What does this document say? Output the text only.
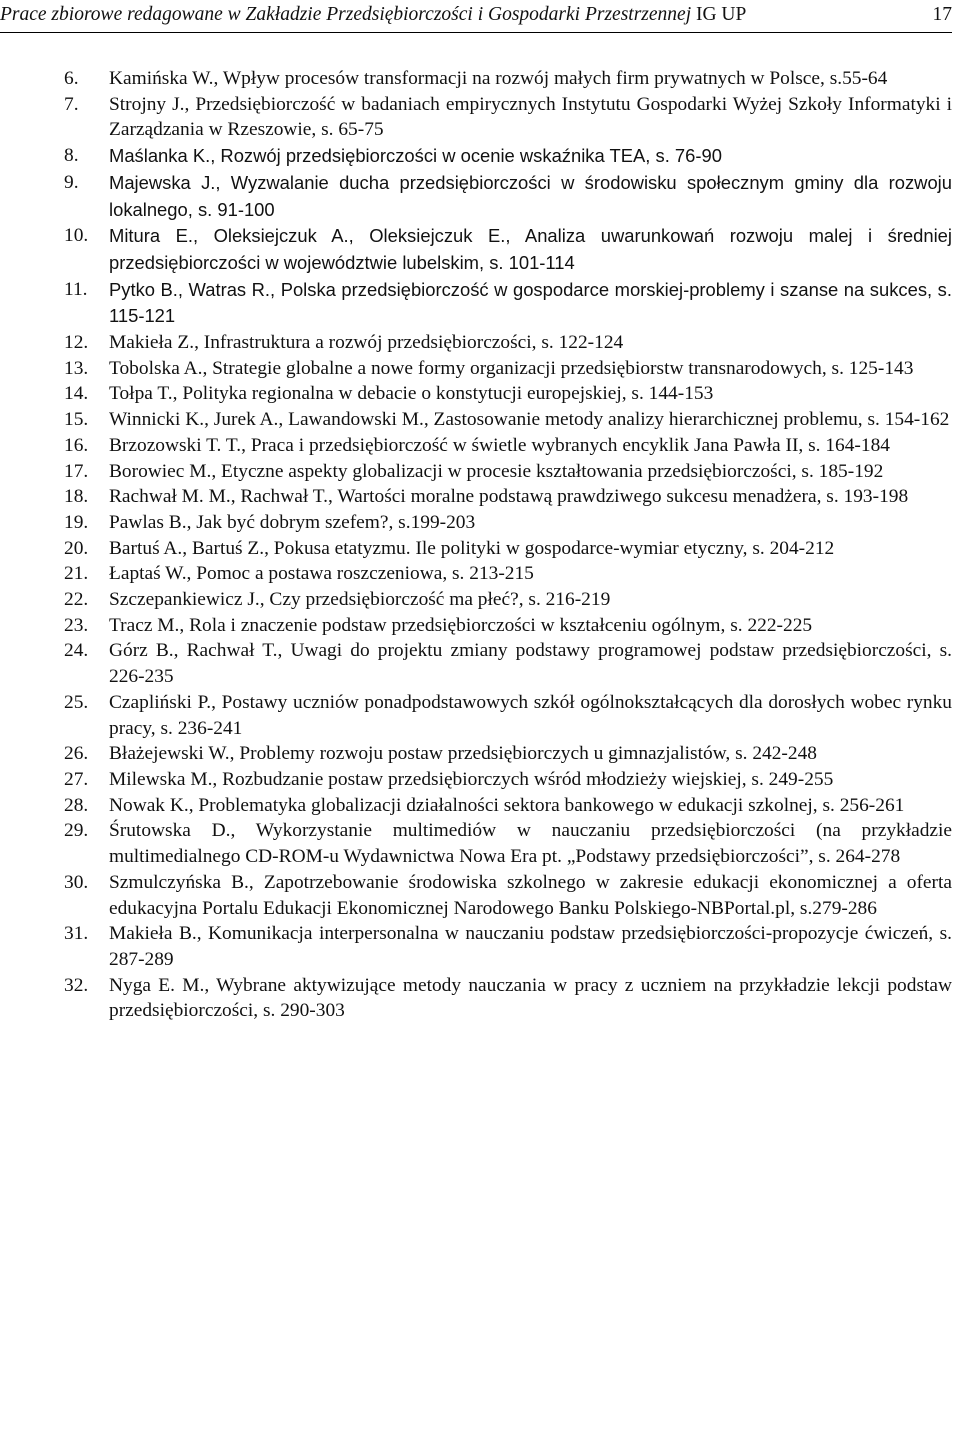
Prace zbiorowe redagowane w Zakładzie Przedsiębiorczości i Gospodarki Przestrzennej IG UP	17
6. Kamińska W., Wpływ procesów transformacji na rozwój małych firm prywatnych w Polsce, s.55-64
7. Strojny J., Przedsiębiorczość w badaniach empirycznych Instytutu Gospodarki Wyżej Szkoły Informatyki i Zarządzania w Rzeszowie, s. 65-75
8. Maślanka K., Rozwój przedsiębiorczości w ocenie wskaźnika TEA, s. 76-90
9. Majewska J., Wyzwalanie ducha przedsiębiorczości w środowisku społecznym gminy dla rozwoju lokalnego, s. 91-100
10. Mitura E., Oleksiejczuk A., Oleksiejczuk E., Analiza uwarunkowań rozwoju malej i średniej przedsiębiorczości w województwie lubelskim, s. 101-114
11. Pytko B., Watras R., Polska przedsiębiorczość w gospodarce morskiej-problemy i szanse na sukces, s. 115-121
12. Makieła Z., Infrastruktura a rozwój przedsiębiorczości, s. 122-124
13. Tobolska A., Strategie globalne a nowe formy organizacji przedsiębiorstw transnarodowych, s. 125-143
14. Tołpa T., Polityka regionalna w debacie o konstytucji europejskiej, s. 144-153
15. Winnicki K., Jurek A., Lawandowski M., Zastosowanie metody analizy hierarchicznej problemu, s. 154-162
16. Brzozowski T. T., Praca i przedsiębiorczość w świetle wybranych encyklik Jana Pawła II, s. 164-184
17. Borowiec M., Etyczne aspekty globalizacji w procesie kształtowania przedsiębiorczości, s. 185-192
18. Rachwał M. M., Rachwał T., Wartości moralne podstawą prawdziwego sukcesu menadżera, s. 193-198
19. Pawlas B., Jak być dobrym szefem?, s.199-203
20. Bartuś A., Bartuś Z., Pokusa etatyzmu. Ile polityki w gospodarce-wymiar etyczny, s. 204-212
21. Łaptaś W., Pomoc a postawa roszczeniowa, s. 213-215
22. Szczepankiewicz J., Czy przedsiębiorczość ma płeć?, s. 216-219
23. Tracz M., Rola i znaczenie podstaw przedsiębiorczości w kształceniu ogólnym, s. 222-225
24. Górz B., Rachwał T., Uwagi do projektu zmiany podstawy programowej podstaw przedsiębiorczości, s. 226-235
25. Czapliński P., Postawy uczniów ponadpodstawowych szkół ogólnokształcących dla dorosłych wobec rynku pracy, s. 236-241
26. Błażejewski W., Problemy rozwoju postaw przedsiębiorczych u gimnazjalistów, s. 242-248
27. Milewska M., Rozbudzanie postaw przedsiębiorczych wśród młodzieży wiejskiej, s. 249-255
28. Nowak K., Problematyka globalizacji działalności sektora bankowego w edukacji szkolnej, s. 256-261
29. Śrutowska D., Wykorzystanie multimediów w nauczaniu przedsiębiorczości (na przykładzie multimedialnego CD-ROM-u Wydawnictwa Nowa Era pt. „Podstawy przedsiębiorczości”, s. 264-278
30. Szmulczyńska B., Zapotrzebowanie środowiska szkolnego w zakresie edukacji ekonomicznej a oferta edukacyjna Portalu Edukacji Ekonomicznej Narodowego Banku Polskiego-NBPortal.pl, s.279-286
31. Makieła B., Komunikacja interpersonalna w nauczaniu podstaw przedsiębiorczości-propozycje ćwiczeń, s. 287-289
32. Nyga E. M., Wybrane aktywizujące metody nauczania w pracy z uczniem na przykładzie lekcji podstaw przedsiębiorczości, s. 290-303
